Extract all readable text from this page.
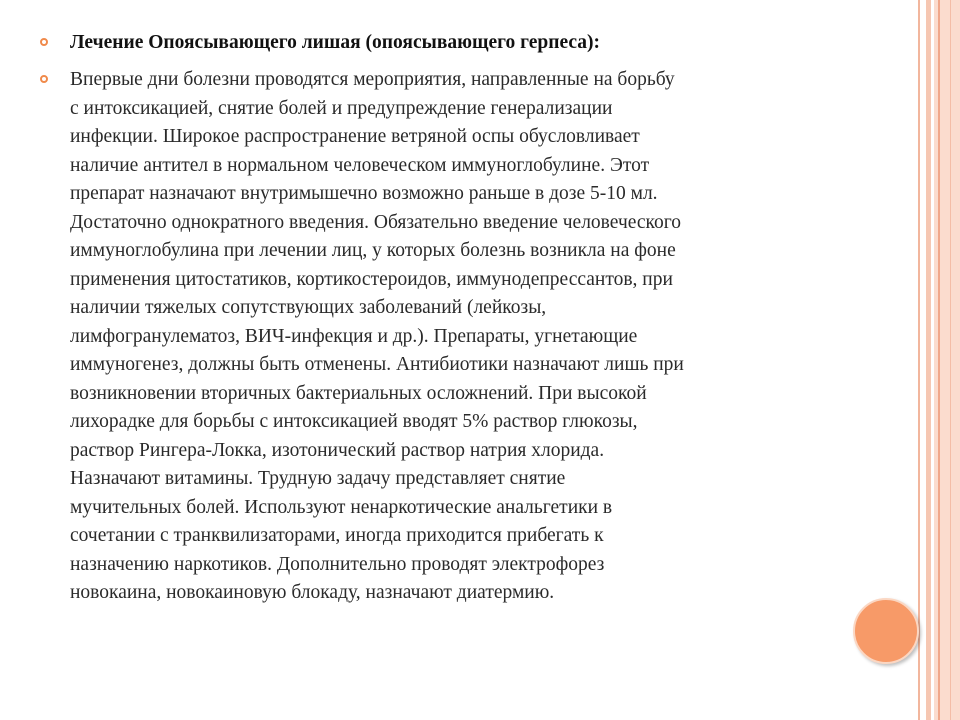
Лечение Опоясывающего лишая (опоясывающего герпеса):

Впервые дни болезни проводятся мероприятия, направленные на борьбу
с интоксикацией, снятие болей и предупреждение генерализации
инфекции. Широкое распространение ветряной оспы обусловливает
наличие антител в нормальном человеческом иммуноглобулине. Этот
препарат назначают внутримышечно возможно раньше в дозе 5-10 мл.
Достаточно однократного введения. Обязательно введение человеческого
иммуноглобулина при лечении лиц, у которых болезнь возникла на фоне
применения цитостатиков, кортикостероидов, иммунодепрессантов, при
наличии тяжелых сопутствующих заболеваний (лейкозы,
лимфогранулематоз, ВИЧ-инфекция и др.). Препараты, угнетающие
иммуногенез, должны быть отменены. Антибиотики назначают лишь при
возникновении вторичных бактериальных осложнений. При высокой
лихорадке для борьбы с интоксикацией вводят 5% раствор глюкозы,
раствор Рингера-Локка, изотонический раствор натрия хлорида.
Назначают витамины. Трудную задачу представляет снятие
мучительных болей. Используют ненаркотические анальгетики в
сочетании с транквилизаторами, иногда приходится прибегать к
назначению наркотиков. Дополнительно проводят электрофорез
новокаина, новокаиновую блокаду, назначают диатермию.
